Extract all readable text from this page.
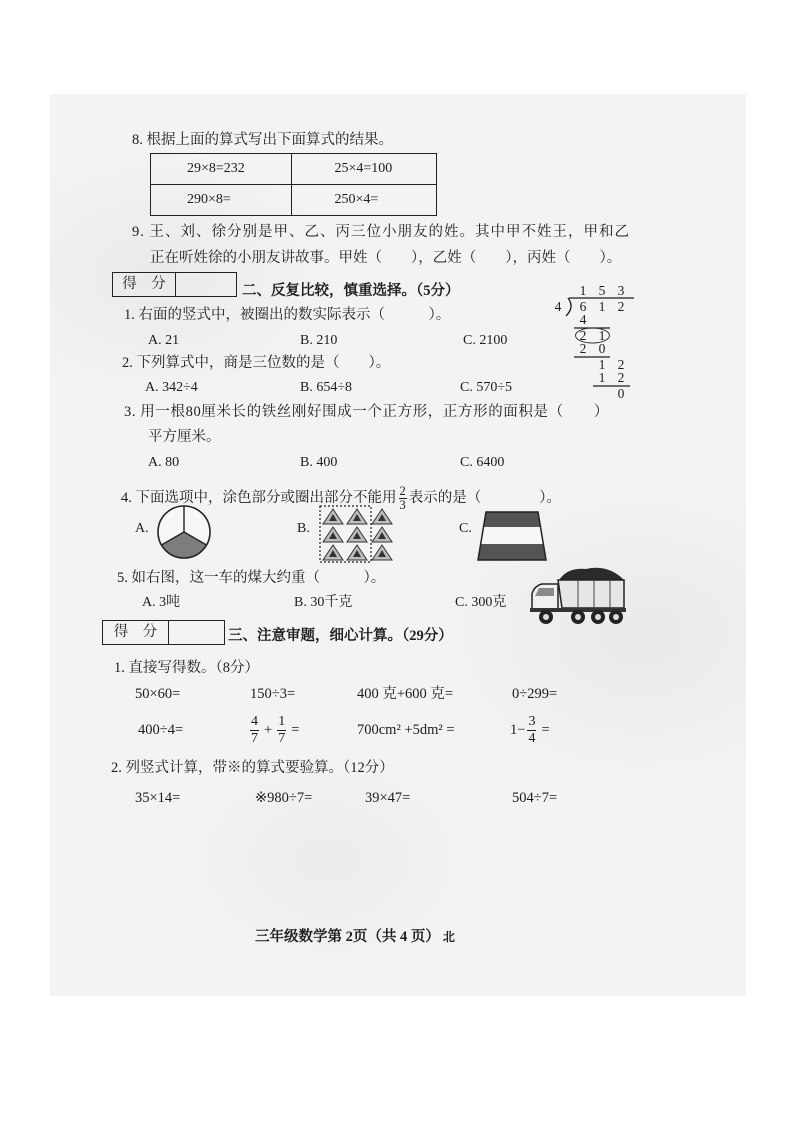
8. 根据上面的算式写出下面算式的结果。
29×8=232	25×4=100
290×8=	250×4=
9. 王、刘、徐分别是甲、乙、丙三位小朋友的姓。其中甲不姓王，甲和乙
正在听姓徐的小朋友讲故事。甲姓（　　），乙姓（　　），丙姓（　　）。
得　分	二、反复比较，慎重选择。（5分）	1 5 3
4 6 1 2
4
2 1
2 0
1 2
1 2
0
1. 右面的竖式中，被圈出的数实际表示（　　　）。
A. 21	B. 210	C. 2100
2. 下列算式中，商是三位数的是（　　）。
A. 342÷4	B. 654÷8	C. 570÷5
3. 用一根80厘米长的铁丝刚好围成一个正方形，正方形的面积是（　　）
平方厘米。
A. 80	B. 400	C. 6400
4. 下面选项中，涂色部分或圈出部分不能用 $\frac{2}{3}$ 表示的是（　　　　）。
A.	B.	C.
5. 如右图，这一车的煤大约重（　　　）。
A. 3吨	B. 30千克	C. 300克
得　分	三、注意审题，细心计算。（29分）
1. 直接写得数。（8分）
50×60=	150÷3=	400 克+600 克=	0÷299=
400÷4=	$\frac{4}{7} + \frac{1}{7}$ =	700cm² +5dm² =	$1- \frac{3}{4}$ =
2. 列竖式计算，带※的算式要验算。（12分）
35×14=	※980÷7=	39×47=	504÷7=
三年级数学第 2页（共 4 页） 北
